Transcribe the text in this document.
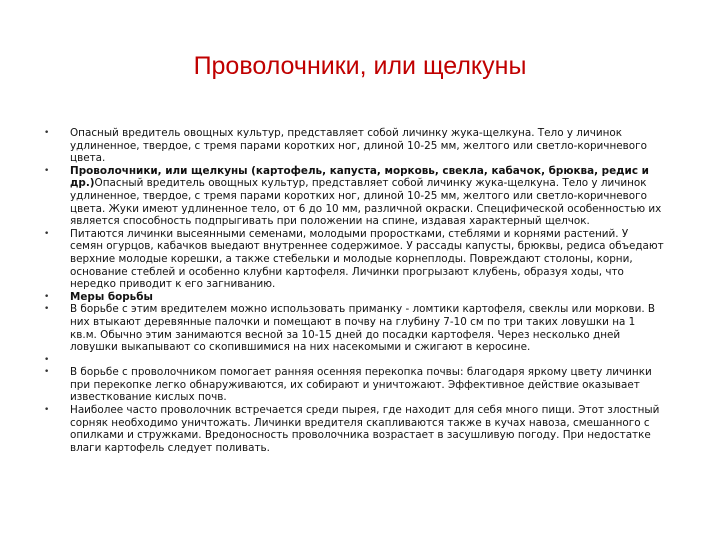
Проволочники, или щелкуны
• Опасный вредитель овощных культур, представляет собой личинку жука-щелкуна. Тело у личинок удлиненное, твердое, с тремя парами коротких ног, длиной 10-25 мм, желтого или светло-коричневого цвета.
• Проволочники, или щелкуны (картофель, капуста, морковь, свекла, кабачок, брюква, редис и др.)Опасный вредитель овощных культур, представляет собой личинку жука-щелкуна. Тело у личинок удлиненное, твердое, с тремя парами коротких ног, длиной 10-25 мм, желтого или светло-коричневого цвета. Жуки имеют удлиненное тело, от 6 до 10 мм, различной окраски. Специфической особенностью их является способность подпрыгивать при положении на спине, издавая характерный щелчок.
• Питаются личинки высеянными семенами, молодыми проростками, стеблями и корнями растений. У семян огурцов, кабачков выедают внутреннее содержимое. У рассады капусты, брюквы, редиса объедают верхние молодые корешки, а также стебельки и молодые корнеплоды. Повреждают столоны, корни, основание стеблей и особенно клубни картофеля. Личинки прогрызают клубень, образуя ходы, что нередко приводит к его загниванию.
• Меры борьбы
• В борьбе с этим вредителем можно использовать приманку - ломтики картофеля, свеклы или моркови. В них втыкают деревянные палочки и помещают в почву на глубину 7-10 см по три таких ловушки на 1 кв.м. Обычно этим занимаются весной за 10-15 дней до посадки картофеля. Через несколько дней ловушки выкапывают со скопившимися на них насекомыми и сжигают в керосине.
•
• В борьбе с проволочником помогает ранняя осенняя перекопка почвы: благодаря яркому цвету личинки при перекопке легко обнаруживаются, их собирают и уничтожают. Эффективное действие оказывает известкование кислых почв.
• Наиболее часто проволочник встречается среди пырея, где находит для себя много пищи. Этот злостный сорняк необходимо уничтожать. Личинки вредителя скапливаются также в кучах навоза, смешанного с опилками и стружками. Вредоносность проволочника возрастает в засушливую погоду. При недостатке влаги картофель следует поливать.
